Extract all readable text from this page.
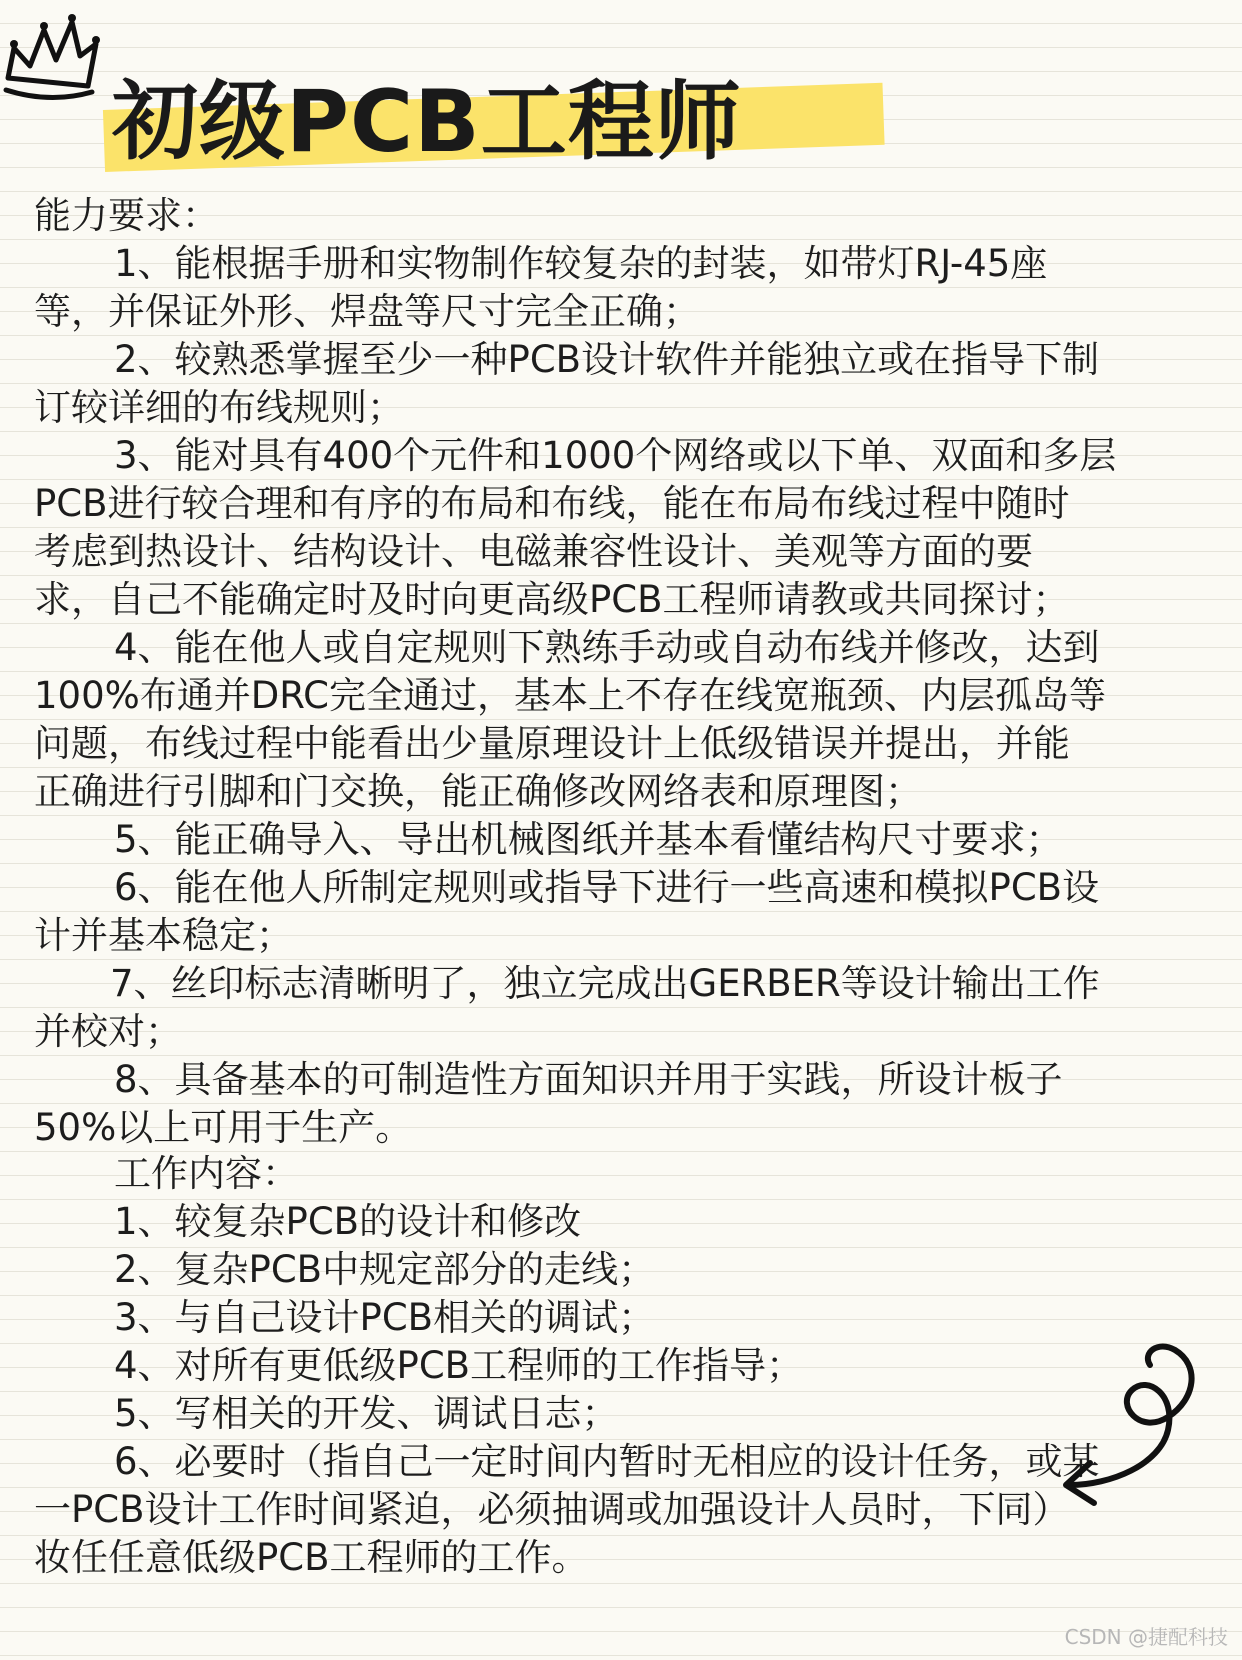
初级PCB工程师
能力要求：
1、能根据手册和实物制作较复杂的封装，如带灯RJ-45座
等，并保证外形、焊盘等尺寸完全正确；
2、较熟悉掌握至少一种PCB设计软件并能独立或在指导下制
订较详细的布线规则；
3、能对具有400个元件和1000个网络或以下单、双面和多层
PCB进行较合理和有序的布局和布线，能在布局布线过程中随时
考虑到热设计、结构设计、电磁兼容性设计、美观等方面的要
求，自己不能确定时及时向更高级PCB工程师请教或共同探讨；
4、能在他人或自定规则下熟练手动或自动布线并修改，达到
100%布通并DRC完全通过，基本上不存在线宽瓶颈、内层孤岛等
问题，布线过程中能看出少量原理设计上低级错误并提出，并能
正确进行引脚和门交换，能正确修改网络表和原理图；
5、能正确导入、导出机械图纸并基本看懂结构尺寸要求；
6、能在他人所制定规则或指导下进行一些高速和模拟PCB设
计并基本稳定；
7、丝印标志清晰明了，独立完成出GERBER等设计输出工作
并校对；
8、具备基本的可制造性方面知识并用于实践，所设计板子
50%以上可用于生产。
工作内容：
1、较复杂PCB的设计和修改
2、复杂PCB中规定部分的走线；
3、与自己设计PCB相关的调试；
4、对所有更低级PCB工程师的工作指导；
5、写相关的开发、调试日志；
6、必要时（指自己一定时间内暂时无相应的设计任务，或某
一PCB设计工作时间紧迫，必须抽调或加强设计人员时，下同）
妆任任意低级PCB工程师的工作。
CSDN @捷配科技
